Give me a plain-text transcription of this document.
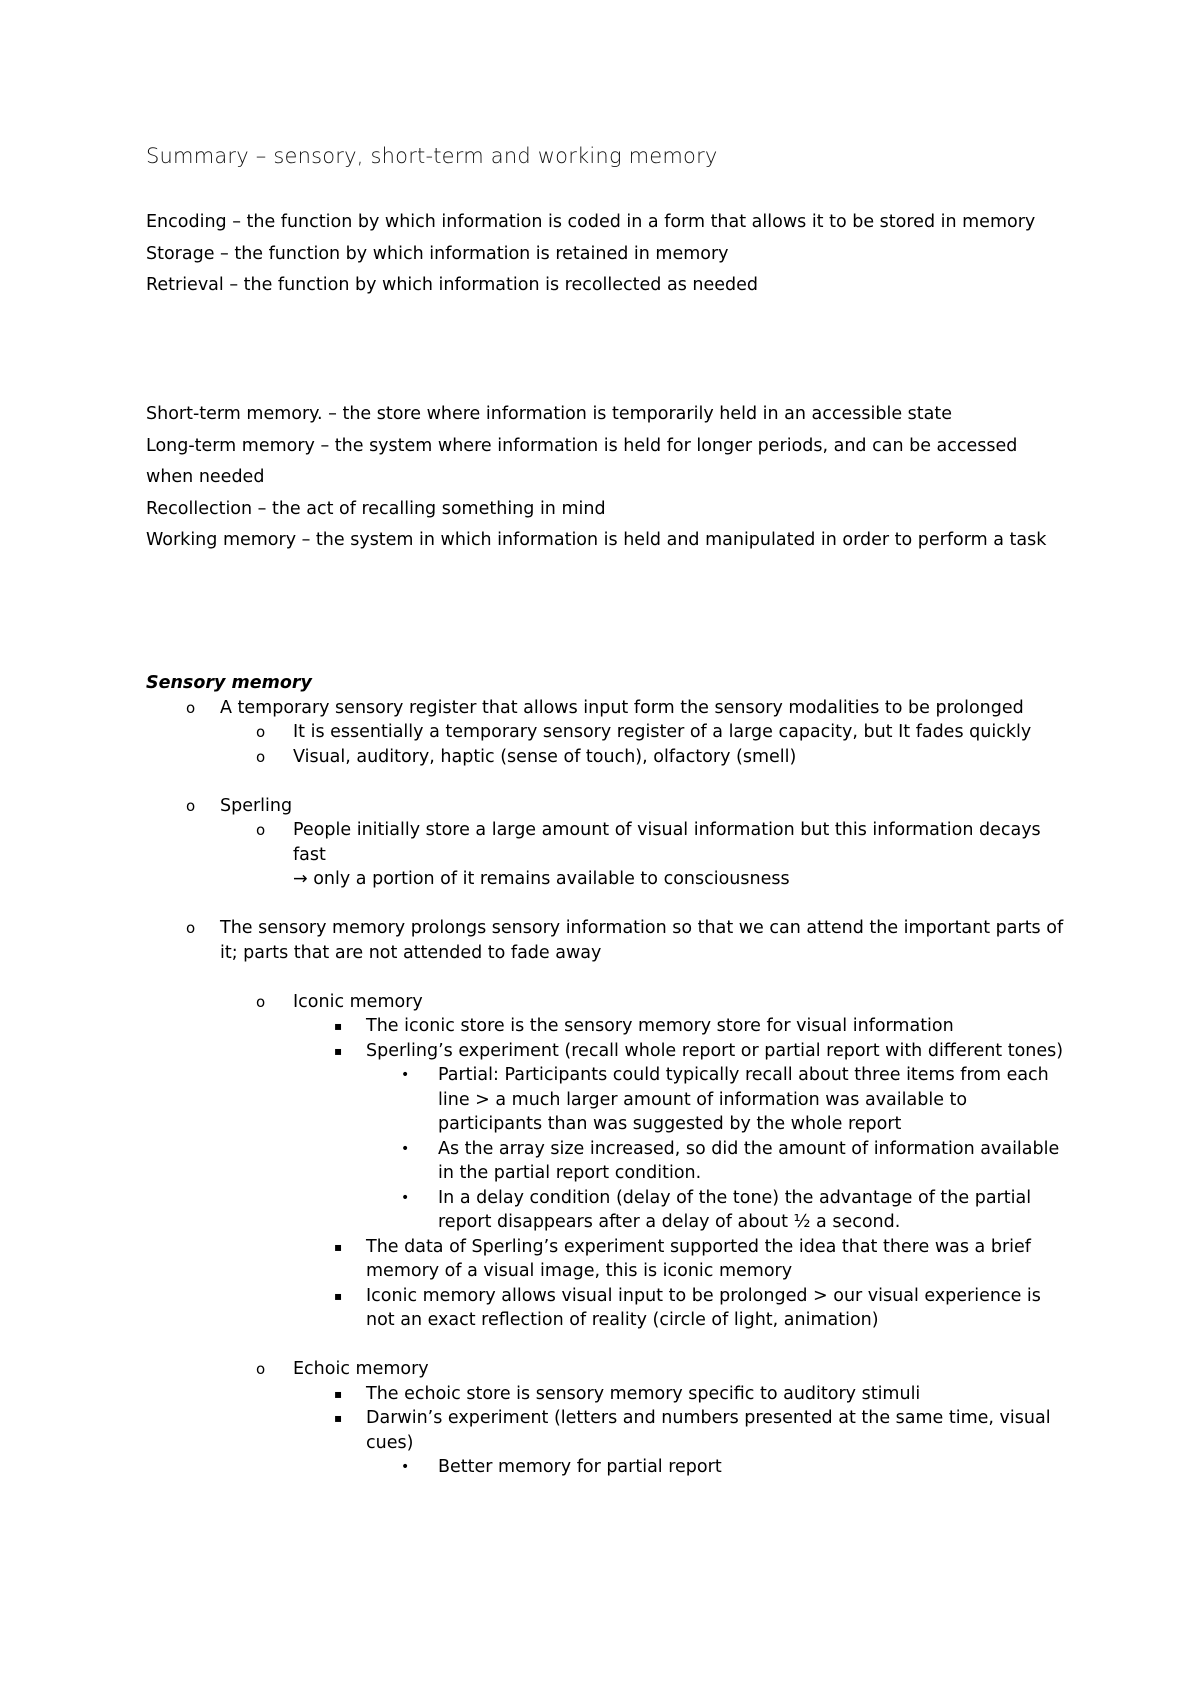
Summary – sensory, short-term and working memory

Encoding – the function by which information is coded in a form that allows it to be stored in memory

Storage – the function by which information is retained in memory

Retrieval – the function by which information is recollected as needed

Short-term memory. – the store where information is temporarily held in an accessible state

Long-term memory – the system where information is held for longer periods, and can be accessed when needed

Recollection – the act of recalling something in mind

Working memory – the system in which information is held and manipulated in order to perform a task

Sensory memory

o A temporary sensory register that allows input form the sensory modalities to be prolonged
o It is essentially a temporary sensory register of a large capacity, but It fades quickly
o Visual, auditory, haptic (sense of touch), olfactory (smell)
o Sperling
o People initially store a large amount of visual information but this information decays fast

→ only a portion of it remains available to consciousness

o The sensory memory prolongs sensory information so that we can attend the important parts of it; parts that are not attended to fade away
o Iconic memory
▪ The iconic store is the sensory memory store for visual information
▪ Sperling’s experiment (recall whole report or partial report with different tones)
• Partial: Participants could typically recall about three items from each line > a much larger amount of information was available to participants than was suggested by the whole report
• As the array size increased, so did the amount of information available in the partial report condition.
• In a delay condition (delay of the tone) the advantage of the partial report disappears after a delay of about ½ a second.
▪ The data of Sperling’s experiment supported the idea that there was a brief memory of a visual image, this is iconic memory
▪ Iconic memory allows visual input to be prolonged > our visual experience is not an exact reflection of reality (circle of light, animation)
o Echoic memory
▪ The echoic store is sensory memory specific to auditory stimuli
▪ Darwin’s experiment (letters and numbers presented at the same time, visual cues)
• Better memory for partial report
